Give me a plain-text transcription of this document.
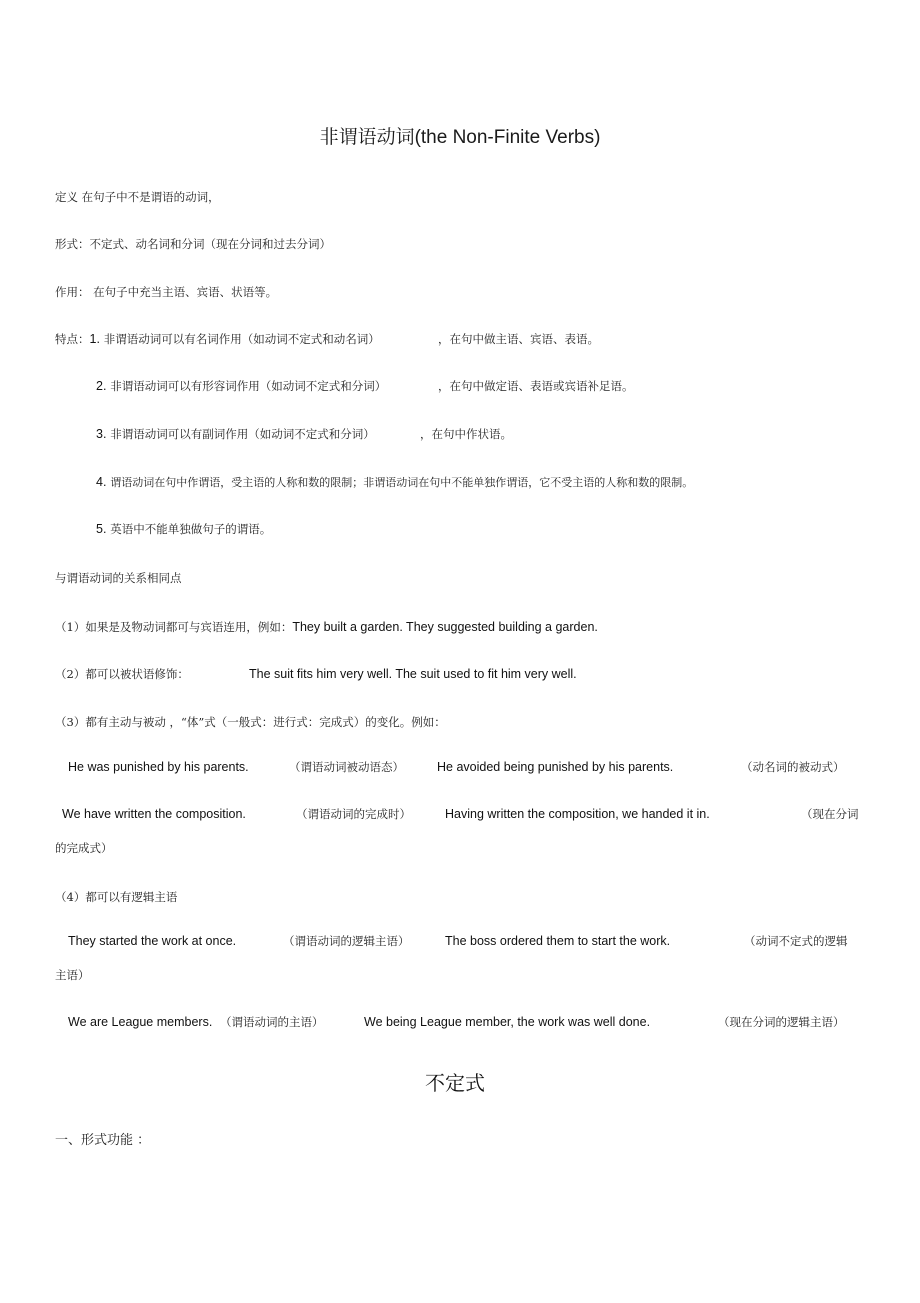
非谓语动词(the Non-Finite Verbs)
定义 在句子中不是谓语的动词，
形式：不定式、动名词和分词（现在分词和过去分词）
作用： 在句子中充当主语、宾语、状语等。
特点：1. 非谓语动词可以有名词作用（如动词不定式和动名词）	，在句中做主语、宾语、表语。
2. 非谓语动词可以有形容词作用（如动词不定式和分词）	，在句中做定语、表语或宾语补足语。
3. 非谓语动词可以有副词作用（如动词不定式和分词）	，在句中作状语。
4. 谓语动词在句中作谓语，受主语的人称和数的限制；非谓语动词在句中不能单独作谓语，它不受主语的人称和数的限制。
5. 英语中不能单独做句子的谓语。
与谓语动词的关系相同点
（1）如果是及物动词都可与宾语连用，例如：They built a garden. They suggested building a garden.
（2）都可以被状语修饰：	The suit fits him very well. The suit used to fit him very well.
（3）都有主动与被动 ，“体”式（一般式：进行式：完成式）的变化。例如：
He was punished by his parents.	（谓语动词被动语态）	He avoided being punished by his parents.	（动名词的被动式）
We have written the composition.	（谓语动词的完成时）	Having written the composition, we handed it in.	（现在分词
的完成式）
（4）都可以有逻辑主语
They started the work at once.	（谓语动词的逻辑主语）	The boss ordered them to start the work.	（动词不定式的逻辑
主语）
We are League members. （谓语动词的主语）	We being League member, the work was well done.	（现在分词的逻辑主语）
不定式
一、形式功能 ：
